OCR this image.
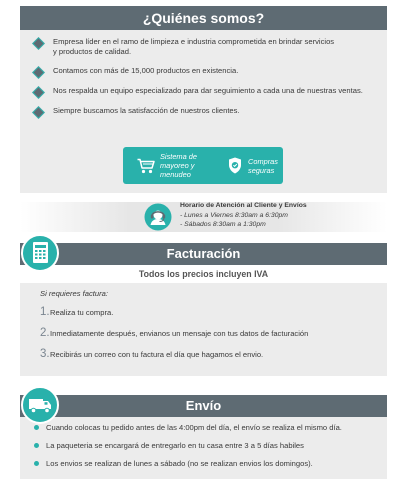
¿Quiénes somos?
Empresa líder en el ramo de limpieza e industria comprometida en brindar servicios
y productos de calidad.
Contamos con más de 15,000 productos en existencia.
Nos respalda un equipo especializado para dar seguimiento a cada una de nuestras ventas.
Siempre buscamos la satisfacción de nuestros clientes.
Sistema de
mayoreo y menudeo
Compras
seguras
Horario de Atención al Cliente y Envíos
- Lunes a Viernes 8:30am a 6:30pm
- Sábados 8:30am a 1:30pm
Facturación
Todos los precios incluyen IVA
Si requieres factura:
1. Realiza tu compra.
2. Inmediatamente después, envianos un mensaje con tus datos de facturación
3. Recibirás un correo con tu factura el día que hagamos el envio.
Envío
Cuando colocas tu pedido antes de las 4:00pm del día, el envío se realiza el mismo día.
La paqueteria se encargará de entregarlo en tu casa entre 3 a 5 días habiles
Los envios se realizan de lunes a sábado (no se realizan envios los domingos).
